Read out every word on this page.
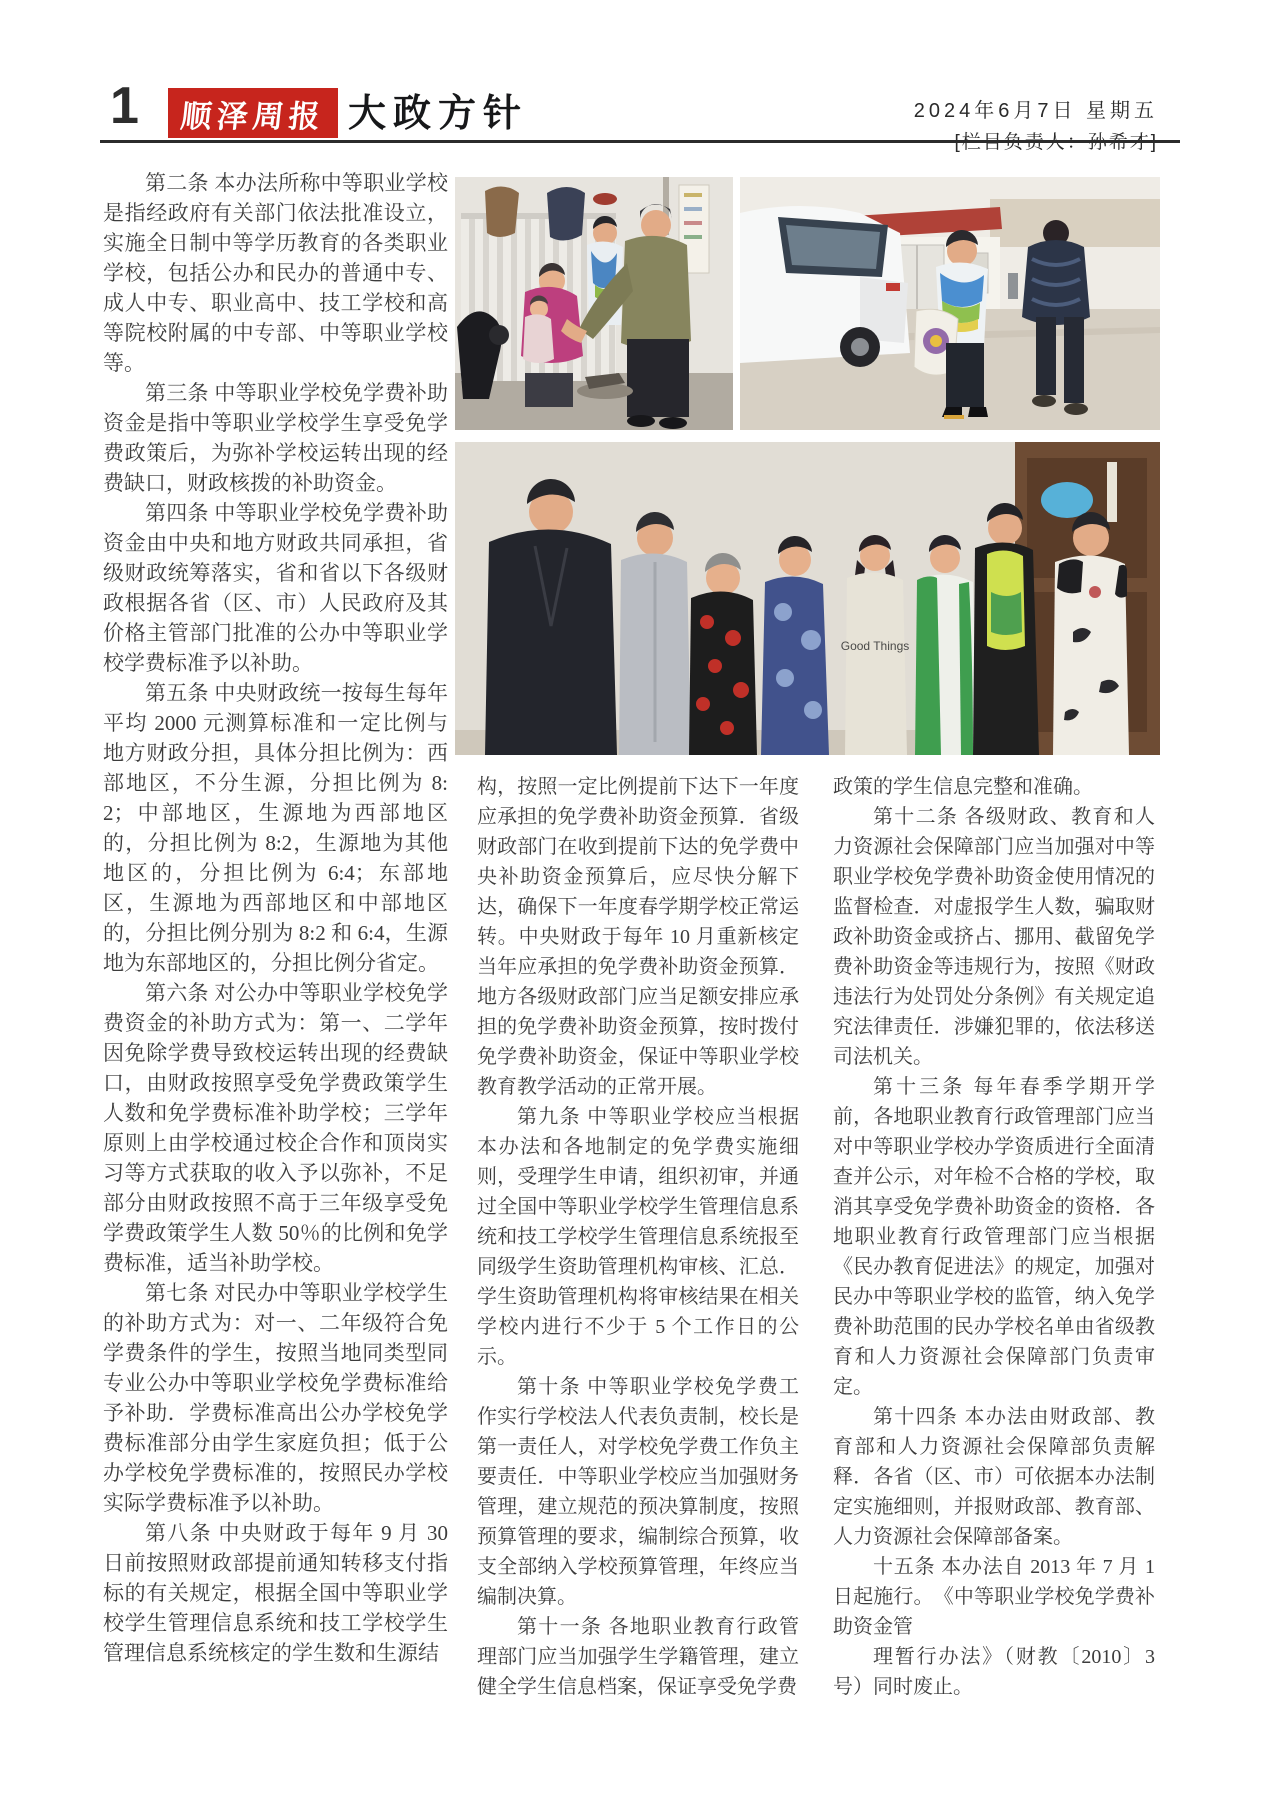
1 顺泽周报 大政方针	2024年6月7日 星期五
Good Things

第二条 本办法所称中等职业学校是指经政府有关部门依法批准设立，实施全日制中等学历教育的各类职业学校，包括公办和民办的普通中专、成人中专、职业高中、技工学校和高等院校附属的中专部、中等职业学校等。

第三条 中等职业学校免学费补助资金是指中等职业学校学生享受免学费政策后，为弥补学校运转出现的经费缺口，财政核拨的补助资金。

第四条 中等职业学校免学费补助资金由中央和地方财政共同承担，省级财政统筹落实，省和省以下各级财政根据各省（区、市）人民政府及其价格主管部门批准的公办中等职业学校学费标准予以补助。

第五条 中央财政统一按每生每年平均 2000 元测算标准和一定比例与地方财政分担，具体分担比例为：西部地区，不分生源，分担比例为 8:2；中部地区，生源地为西部地区的，分担比例为 8:2，生源地为其他地区的，分担比例为 6:4；东部地区，生源地为西部地区和中部地区的，分担比例分别为 8:2 和 6:4，生源地为东部地区的，分担比例分省定。

第六条 对公办中等职业学校免学费资金的补助方式为：第一、二学年因免除学费导致校运转出现的经费缺口，由财政按照享受免学费政策学生人数和免学费标准补助学校；三学年原则上由学校通过校企合作和顶岗实习等方式获取的收入予以弥补，不足部分由财政按照不高于三年级享受免学费政策学生人数 50％的比例和免学费标准，适当补助学校。

第七条 对民办中等职业学校学生的补助方式为：对一、二年级符合免学费条件的学生，按照当地同类型同专业公办中等职业学校免学费标准给予补助．学费标准高出公办学校免学费标准部分由学生家庭负担；低于公办学校免学费标准的，按照民办学校实际学费标准予以补助。

第八条 中央财政于每年 9 月 30 日前按照财政部提前通知转移支付指标的有关规定，根据全国中等职业学校学生管理信息系统和技工学校学生管理信息系统核定的学生数和生源结

构，按照一定比例提前下达下一年度应承担的免学费补助资金预算．省级财政部门在收到提前下达的免学费中央补助资金预算后，应尽快分解下达，确保下一年度春学期学校正常运转。中央财政于每年 10 月重新核定当年应承担的免学费补助资金预算．地方各级财政部门应当足额安排应承担的免学费补助资金预算，按时拨付免学费补助资金，保证中等职业学校教育教学活动的正常开展。

第九条 中等职业学校应当根据本办法和各地制定的免学费实施细则，受理学生申请，组织初审，并通过全国中等职业学校学生管理信息系统和技工学校学生管理信息系统报至同级学生资助管理机构审核、汇总．学生资助管理机构将审核结果在相关学校内进行不少于 5 个工作日的公示。

第十条 中等职业学校免学费工作实行学校法人代表负责制，校长是第一责任人，对学校免学费工作负主要责任．中等职业学校应当加强财务管理，建立规范的预决算制度，按照预算管理的要求，编制综合预算，收支全部纳入学校预算管理，年终应当编制决算。

第十一条 各地职业教育行政管理部门应当加强学生学籍管理，建立健全学生信息档案，保证享受免学费

政策的学生信息完整和准确。

第十二条 各级财政、教育和人力资源社会保障部门应当加强对中等职业学校免学费补助资金使用情况的监督检查．对虚报学生人数，骗取财政补助资金或挤占、挪用、截留免学费补助资金等违规行为，按照《财政违法行为处罚处分条例》有关规定追究法律责任．涉嫌犯罪的，依法移送司法机关。

第十三条 每年春季学期开学前，各地职业教育行政管理部门应当对中等职业学校办学资质进行全面清查并公示，对年检不合格的学校，取消其享受免学费补助资金的资格．各地职业教育行政管理部门应当根据《民办教育促进法》的规定，加强对民办中等职业学校的监管，纳入免学费补助范围的民办学校名单由省级教育和人力资源社会保障部门负责审定。

第十四条 本办法由财政部、教育部和人力资源社会保障部负责解释．各省（区、市）可依据本办法制定实施细则，并报财政部、教育部、人力资源社会保障部备案。

十五条 本办法自 2013 年 7 月 1 日起施行。　《中等职业学校免学费补助资金管

理暂行办法》（财教〔2010〕3 号）同时废止。
